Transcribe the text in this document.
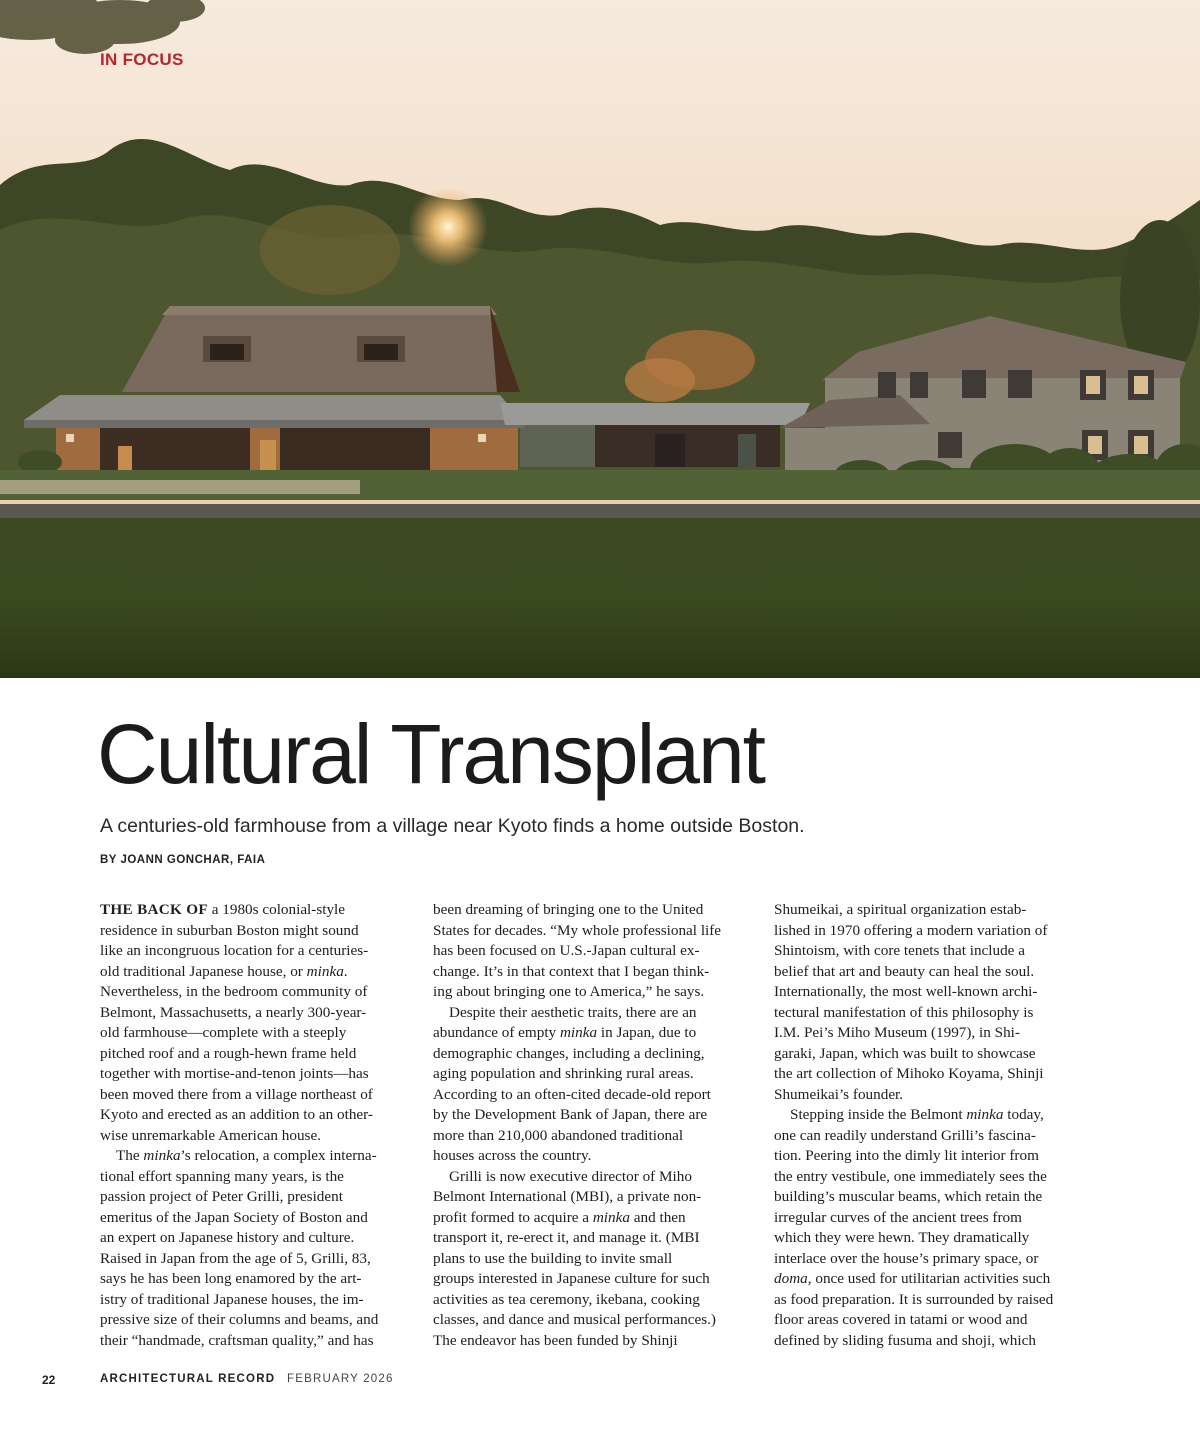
IN FOCUS
Cultural Transplant

A centuries-old farmhouse from a village near Kyoto finds a home outside Boston.

BY JOANN GONCHAR, FAIA
THE BACK OF a 1980s colonial-style
residence in suburban Boston might sound
like an incongruous location for a centuries-
old traditional Japanese house, or minka.
Nevertheless, in the bedroom community of
Belmont, Massachusetts, a nearly 300-year-
old farmhouse—complete with a steeply
pitched roof and a rough-hewn frame held
together with mortise-and-tenon joints—has
been moved there from a village northeast of
Kyoto and erected as an addition to an other-
wise unremarkable American house.
The minka’s relocation, a complex interna-
tional effort spanning many years, is the
passion project of Peter Grilli, president
emeritus of the Japan Society of Boston and
an expert on Japanese history and culture.
Raised in Japan from the age of 5, Grilli, 83,
says he has been long enamored by the art-
istry of traditional Japanese houses, the im-
pressive size of their columns and beams, and
their “handmade, craftsman quality,” and has
been dreaming of bringing one to the United
States for decades. “My whole professional life
has been focused on U.S.-Japan cultural ex-
change. It’s in that context that I began think-
ing about bringing one to America,” he says.
Despite their aesthetic traits, there are an
abundance of empty minka in Japan, due to
demographic changes, including a declining,
aging population and shrinking rural areas.
According to an often-cited decade-old report
by the Development Bank of Japan, there are
more than 210,000 abandoned traditional
houses across the country.
Grilli is now executive director of Miho
Belmont International (MBI), a private non-
profit formed to acquire a minka and then
transport it, re-erect it, and manage it. (MBI
plans to use the building to invite small
groups interested in Japanese culture for such
activities as tea ceremony, ikebana, cooking
classes, and dance and musical performances.)
The endeavor has been funded by Shinji
Shumeikai, a spiritual organization estab-
lished in 1970 offering a modern variation of
Shintoism, with core tenets that include a
belief that art and beauty can heal the soul.
Internationally, the most well-known archi-
tectural manifestation of this philosophy is
I.M. Pei’s Miho Museum (1997), in Shi-
garaki, Japan, which was built to showcase
the art collection of Mihoko Koyama, Shinji
Shumeikai’s founder.
Stepping inside the Belmont minka today,
one can readily understand Grilli’s fascina-
tion. Peering into the dimly lit interior from
the entry vestibule, one immediately sees the
building’s muscular beams, which retain the
irregular curves of the ancient trees from
which they were hewn. They dramatically
interlace over the house’s primary space, or
doma, once used for utilitarian activities such
as food preparation. It is surrounded by raised
floor areas covered in tatami or wood and
defined by sliding fusuma and shoji, which
22	ARCHITECTURAL RECORD FEBRUARY 2026
